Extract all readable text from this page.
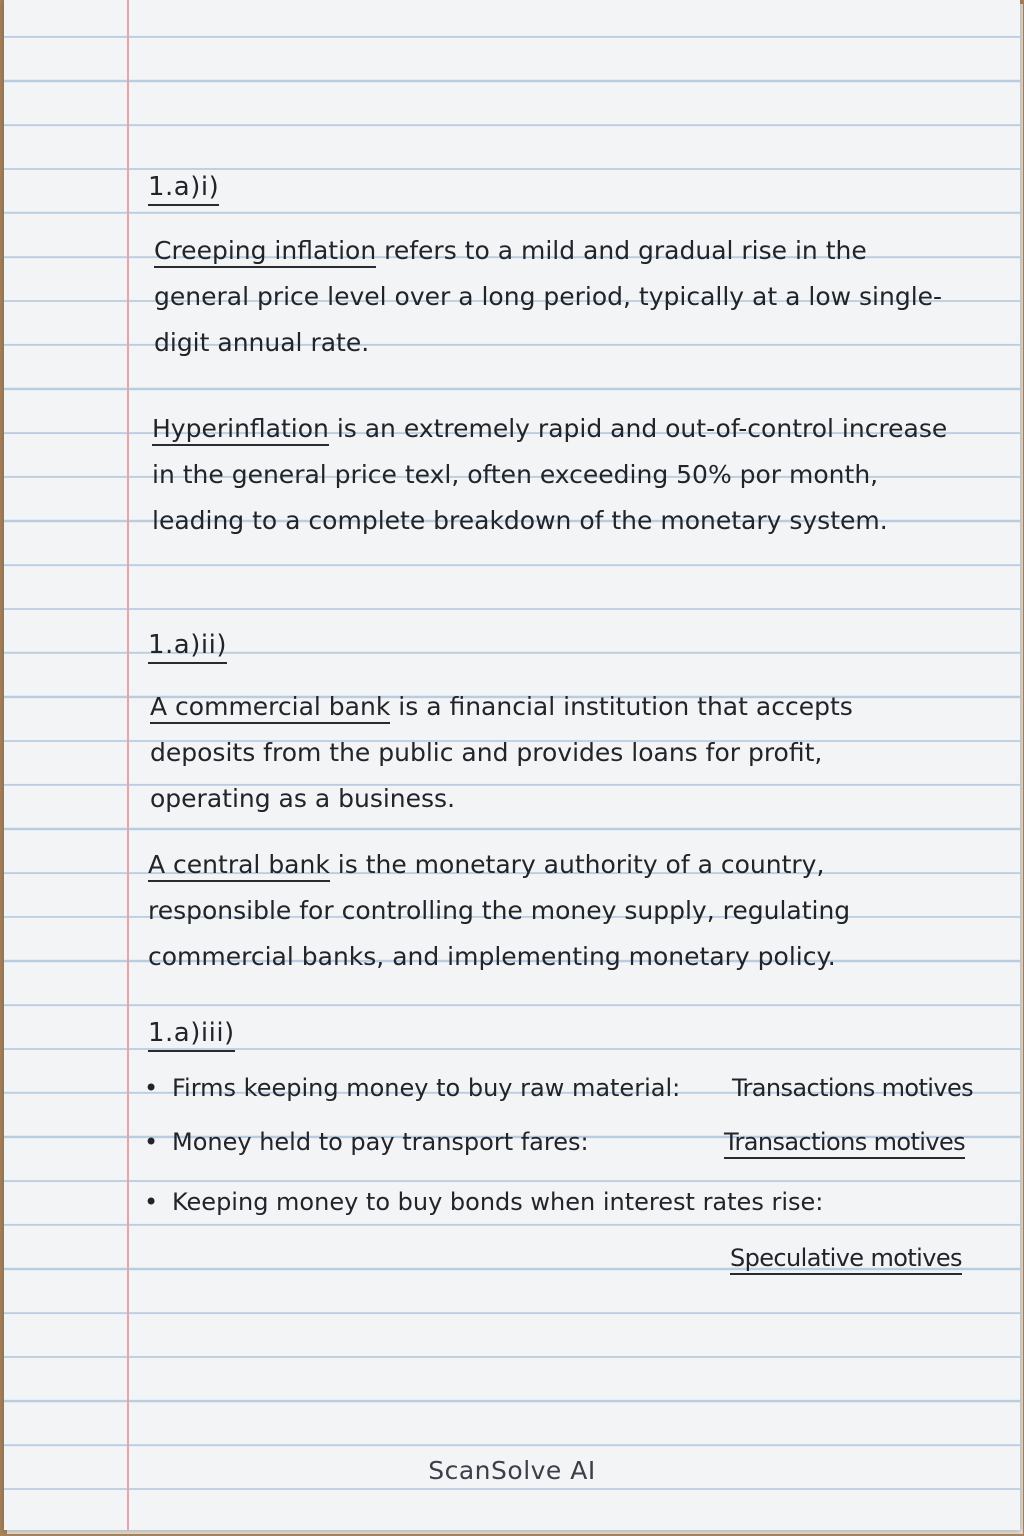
1.a)i)

Creeping inflation refers to a mild and gradual rise in the general price level over a long period, typically at a low single-digit annual rate.

Hyperinflation is an extremely rapid and out-of-control increase in the general price texl, often exceeding 50% por month, leading to a complete breakdown of the monetary system.

1.a)ii)

A commercial bank is a financial institution that accepts deposits from the public and provides loans for profit, operating as a business.

A central bank is the monetary authority of a country, responsible for controlling the money supply, regulating commercial banks, and implementing monetary policy.

1.a)iii)
• Firms keeping money to buy raw material: Transactions motives
• Money held to pay transport fares:	Transactions motives
• Keeping money to buy bonds when interest rates rise:
Speculative motives
ScanSolve AI
